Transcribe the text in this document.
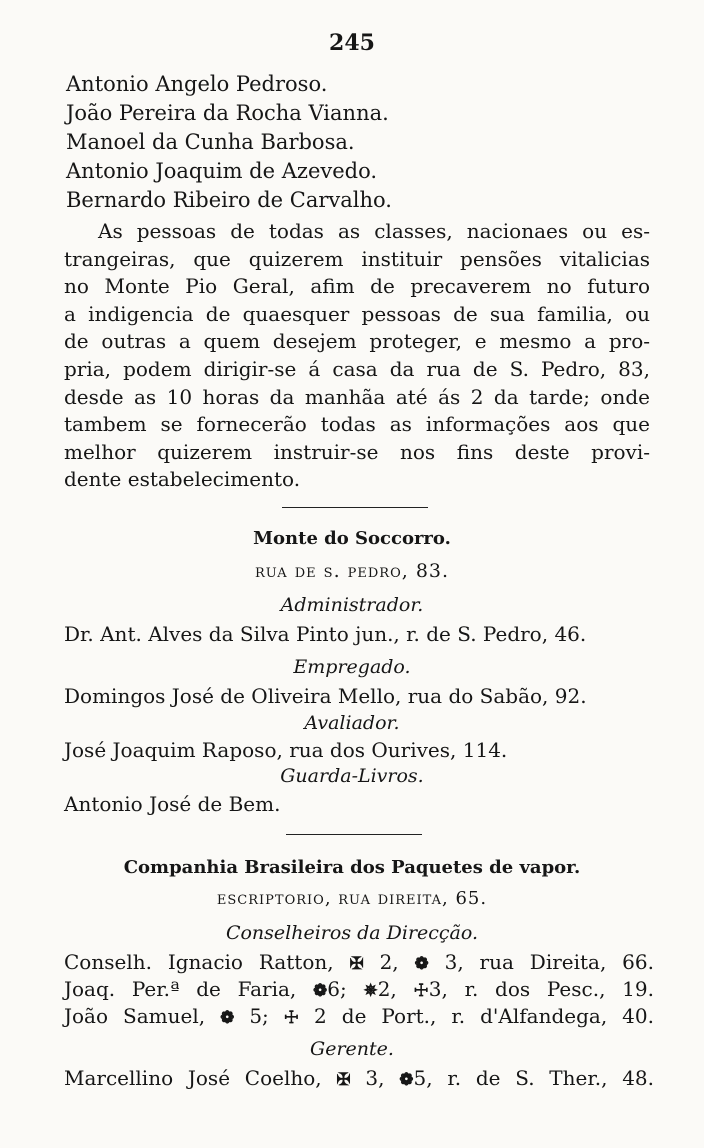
245
Antonio Angelo Pedroso.
João Pereira da Rocha Vianna.
Manoel da Cunha Barbosa.
Antonio Joaquim de Azevedo.
Bernardo Ribeiro de Carvalho.
As pessoas de todas as classes, nacionaes ou es-
trangeiras, que quizerem instituir pensões vitalicias
no Monte Pio Geral, afim de precaverem no futuro
a indigencia de quaesquer pessoas de sua familia, ou
de outras a quem desejem proteger, e mesmo a pro-
pria, podem dirigir-se á casa da rua de S. Pedro, 83,
desde as 10 horas da manhãa até ás 2 da tarde; onde
tambem se fornecerão todas as informações aos que
melhor quizerem instruir-se nos fins deste provi-
dente estabelecimento.
Monte do Soccorro.
rua de s. pedro, 83.
Administrador.
Dr. Ant. Alves da Silva Pinto jun., r. de S. Pedro, 46.
Empregado.
Domingos José de Oliveira Mello, rua do Sabão, 92.
Avaliador.
José Joaquim Raposo, rua dos Ourives, 114.
Guarda-Livros.
Antonio José de Bem.
Companhia Brasileira dos Paquetes de vapor.
escriptorio, rua direita, 65.
Conselheiros da Direcção.
Conselh. Ignacio Ratton, ✠ 2, ❁ 3, rua Direita, 66.
Joaq. Per.ª de Faria, ❁6; ✵2, ☩3, r. dos Pesc., 19.
João Samuel, ❁ 5; ☩ 2 de Port., r. d'Alfandega, 40.
Gerente.
Marcellino José Coelho, ✠ 3, ❁5, r. de S. Ther., 48.
